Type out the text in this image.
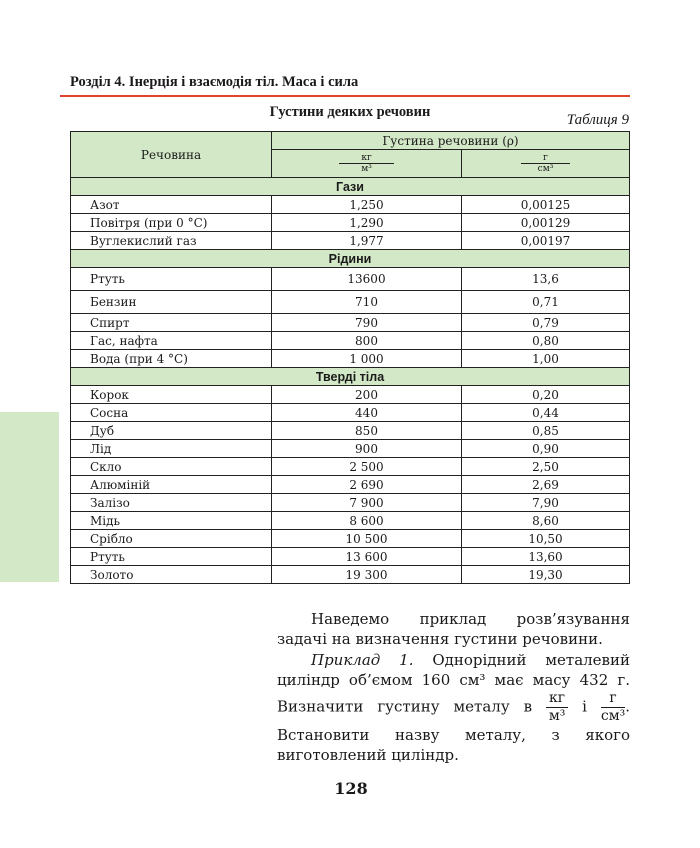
Розділ 4. Інерція і взаємодія тіл. Маса і сила
Густини деяких речовин	Таблиця 9
Речовина	Густина речовини (ρ)	

	$\frac{кг}{\text{м³}}$	$\frac{г}{\text{см³}}$

Гази		
Азот	1,250	0,00125
Повітря (при 0 °С)	1,290	0,00129
Вуглекислий газ	1,977	0,00197
Рідини		
Ртуть	13600	13,6
Бензин	710	0,71
Спирт	790	0,79
Гас, нафта	800	0,80
Вода (при 4 °С)	1 000	1,00
Тверді тіла		
Корок	200	0,20
Сосна	440	0,44
Дуб	850	0,85
Лід	900	0,90
Скло	2 500	2,50
Алюміній	2 690	2,69
Залізо	7 900	7,90
Мідь	8 600	8,60
Срібло	10 500	10,50
Ртуть	13 600	13,60
Золото	19 300	19,30

Наведемо приклад розв’язування задачі на визначення густини речовини.

Приклад 1. Однорідний металевий циліндр об’ємом 160 см³ має масу 432 г. Визначити густину металу в $\frac{кг}{\text{м³}}$ і $\frac{г}{\text{см³}}$ . Встановити назву металу, з якого виготовлений циліндр.

128
